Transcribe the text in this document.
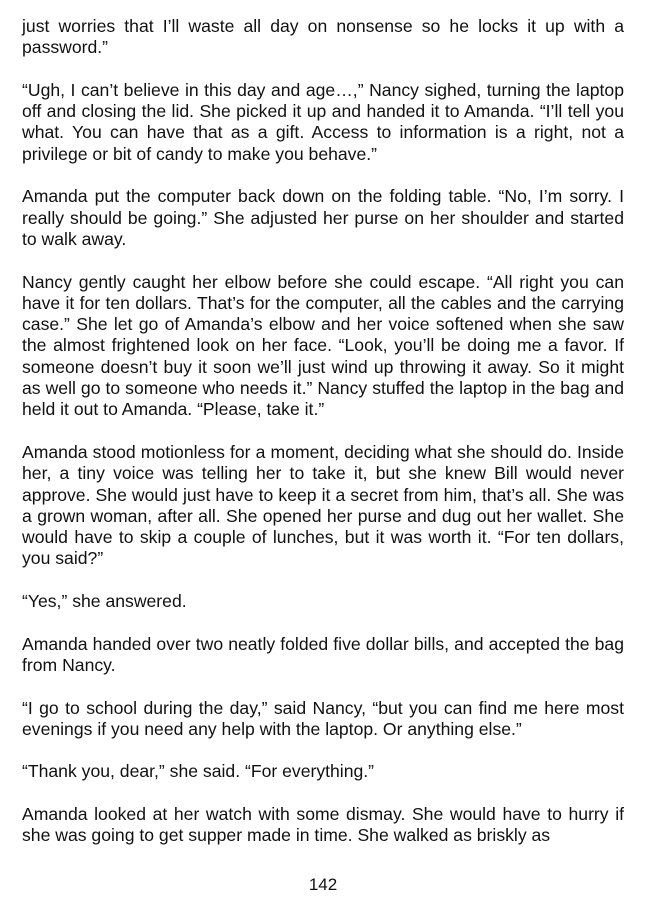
just worries that I’ll waste all day on nonsense so he locks it up with a password.”

“Ugh, I can’t believe in this day and age…,” Nancy sighed, turning the laptop off and closing the lid. She picked it up and handed it to Amanda. “I’ll tell you what. You can have that as a gift. Access to information is a right, not a privilege or bit of candy to make you behave.”

Amanda put the computer back down on the folding table. “No, I’m sorry. I really should be going.” She adjusted her purse on her shoulder and started to walk away.

Nancy gently caught her elbow before she could escape. “All right you can have it for ten dollars. That’s for the computer, all the cables and the carrying case.” She let go of Amanda’s elbow and her voice softened when she saw the almost frightened look on her face. “Look, you’ll be doing me a favor. If someone doesn’t buy it soon we’ll just wind up throwing it away. So it might as well go to someone who needs it.” Nancy stuffed the laptop in the bag and held it out to Amanda. “Please, take it.”

Amanda stood motionless for a moment, deciding what she should do. Inside her, a tiny voice was telling her to take it, but she knew Bill would never approve. She would just have to keep it a secret from him, that’s all. She was a grown woman, after all. She opened her purse and dug out her wallet. She would have to skip a couple of lunches, but it was worth it. “For ten dollars, you said?”

“Yes,” she answered.

Amanda handed over two neatly folded five dollar bills, and accepted the bag from Nancy.

“I go to school during the day,” said Nancy, “but you can find me here most evenings if you need any help with the laptop. Or anything else.”

“Thank you, dear,” she said. “For everything.”

Amanda looked at her watch with some dismay. She would have to hurry if she was going to get supper made in time. She walked as briskly as

142
